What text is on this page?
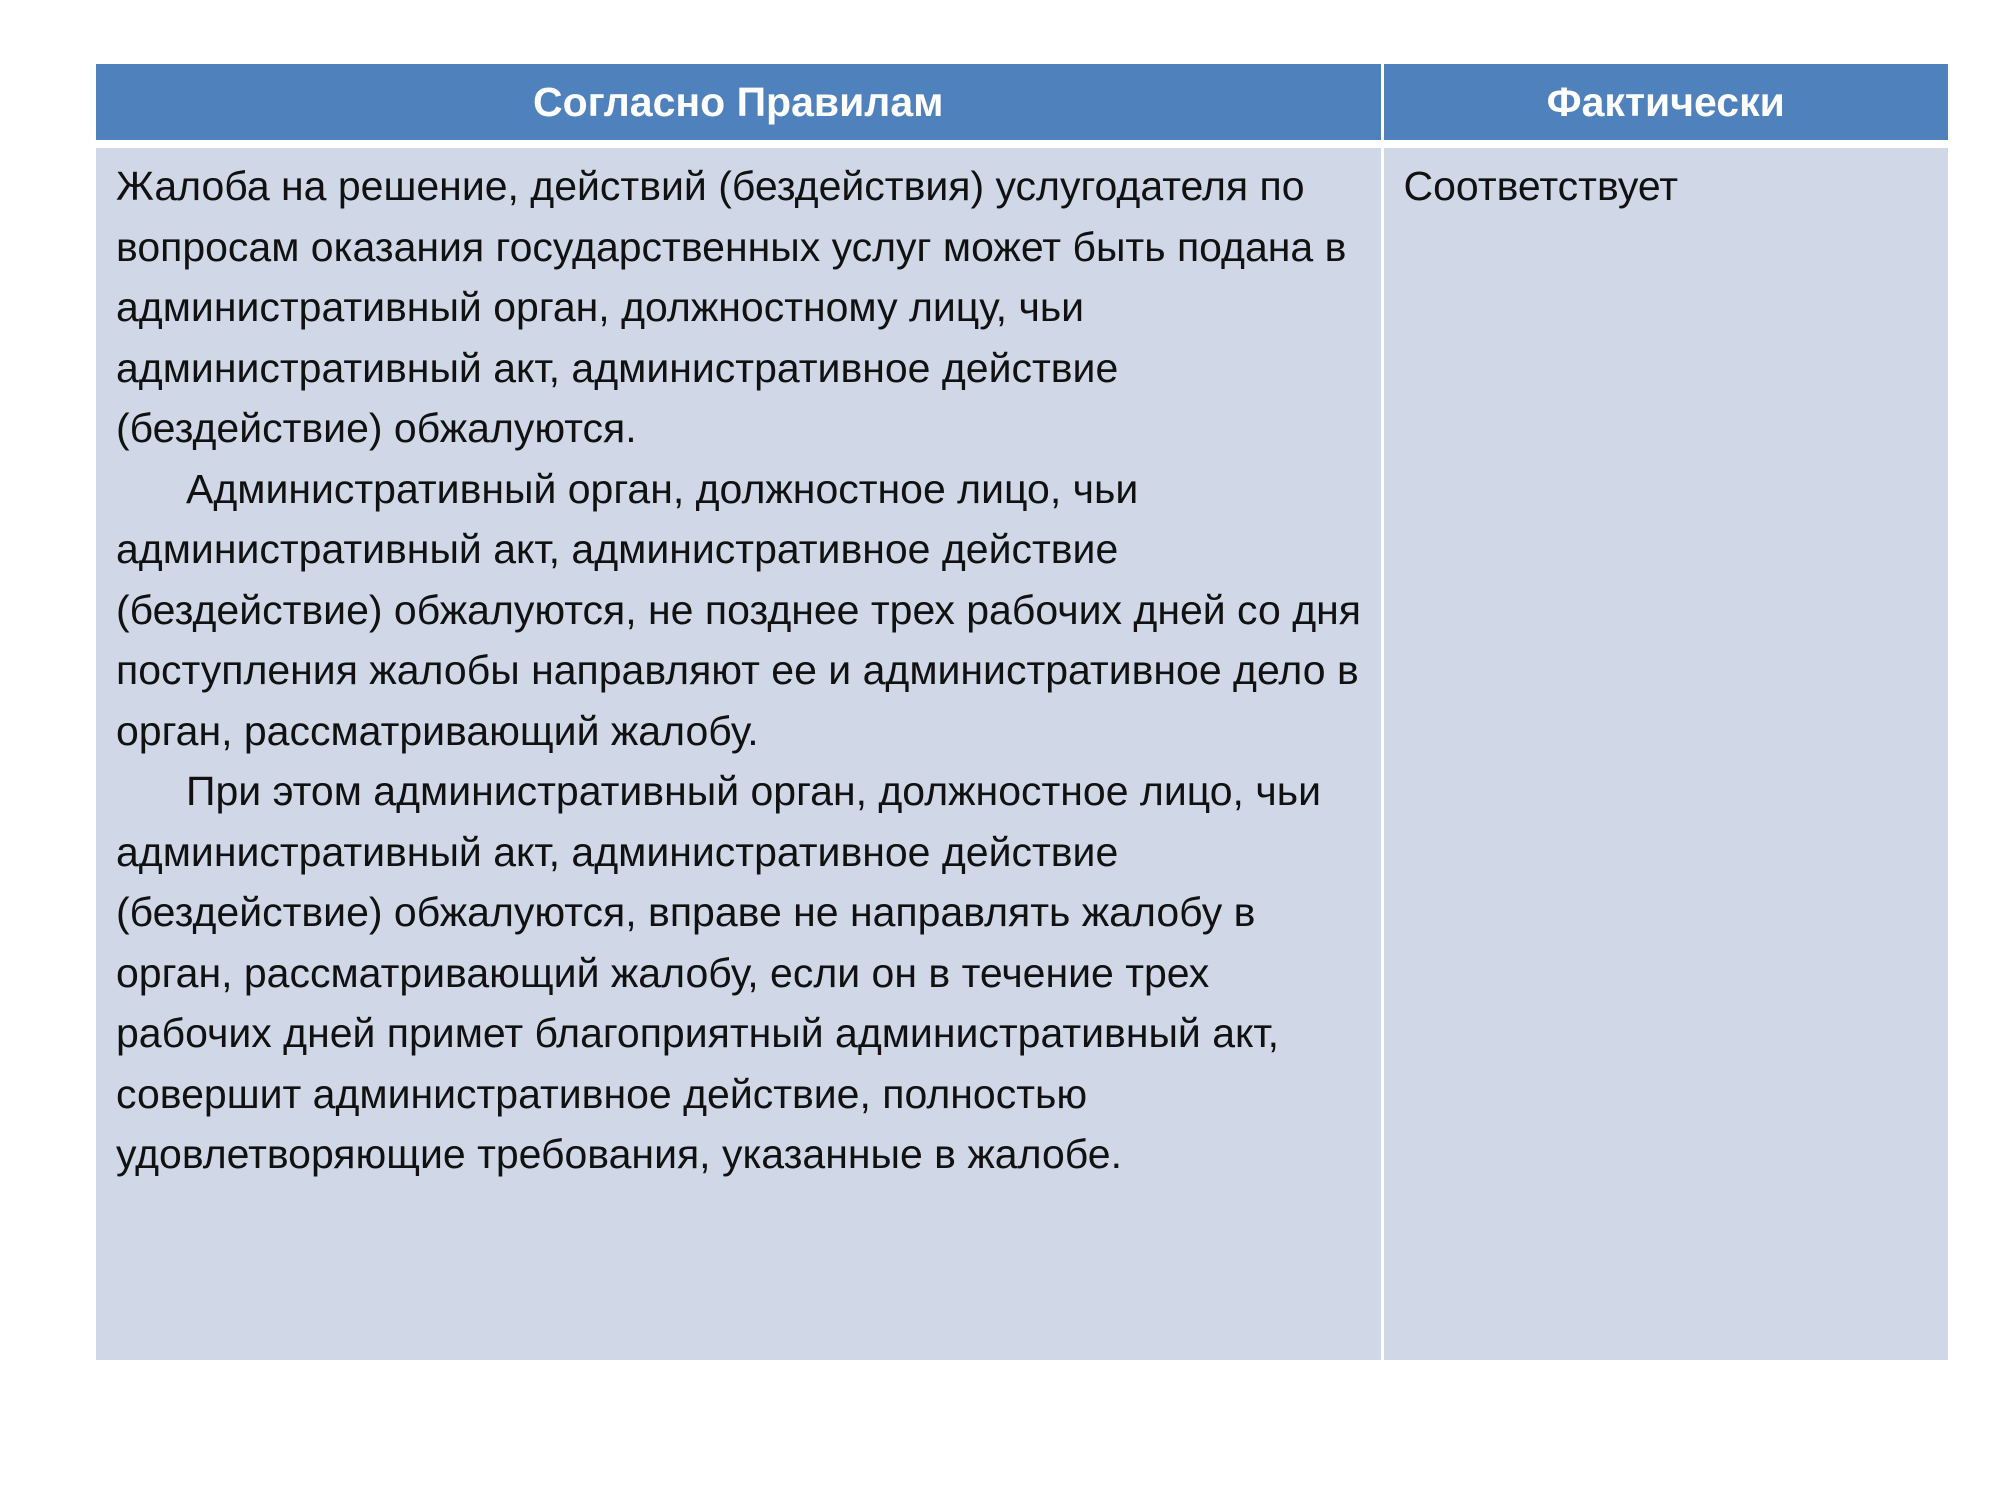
Согласно Правилам	Фактически

Жалоба на решение, действий (бездействия) услугодателя по вопросам оказания государственных услуг может быть подана в административный орган, должностному лицу, чьи административный акт, административное действие (бездействие) обжалуются.

Административный орган, должностное лицо, чьи административный акт, административное действие (бездействие) обжалуются, не позднее трех рабочих дней со дня поступления жалобы направляют ее и административное дело в орган, рассматривающий жалобу.

При этом административный орган, должностное лицо, чьи административный акт, административное действие (бездействие) обжалуются, вправе не направлять жалобу в орган, рассматривающий жалобу, если он в течение трех рабочих дней примет благоприятный административный акт, совершит административное действие, полностью удовлетворяющие требования, указанные в жалобе.	Соответствует
